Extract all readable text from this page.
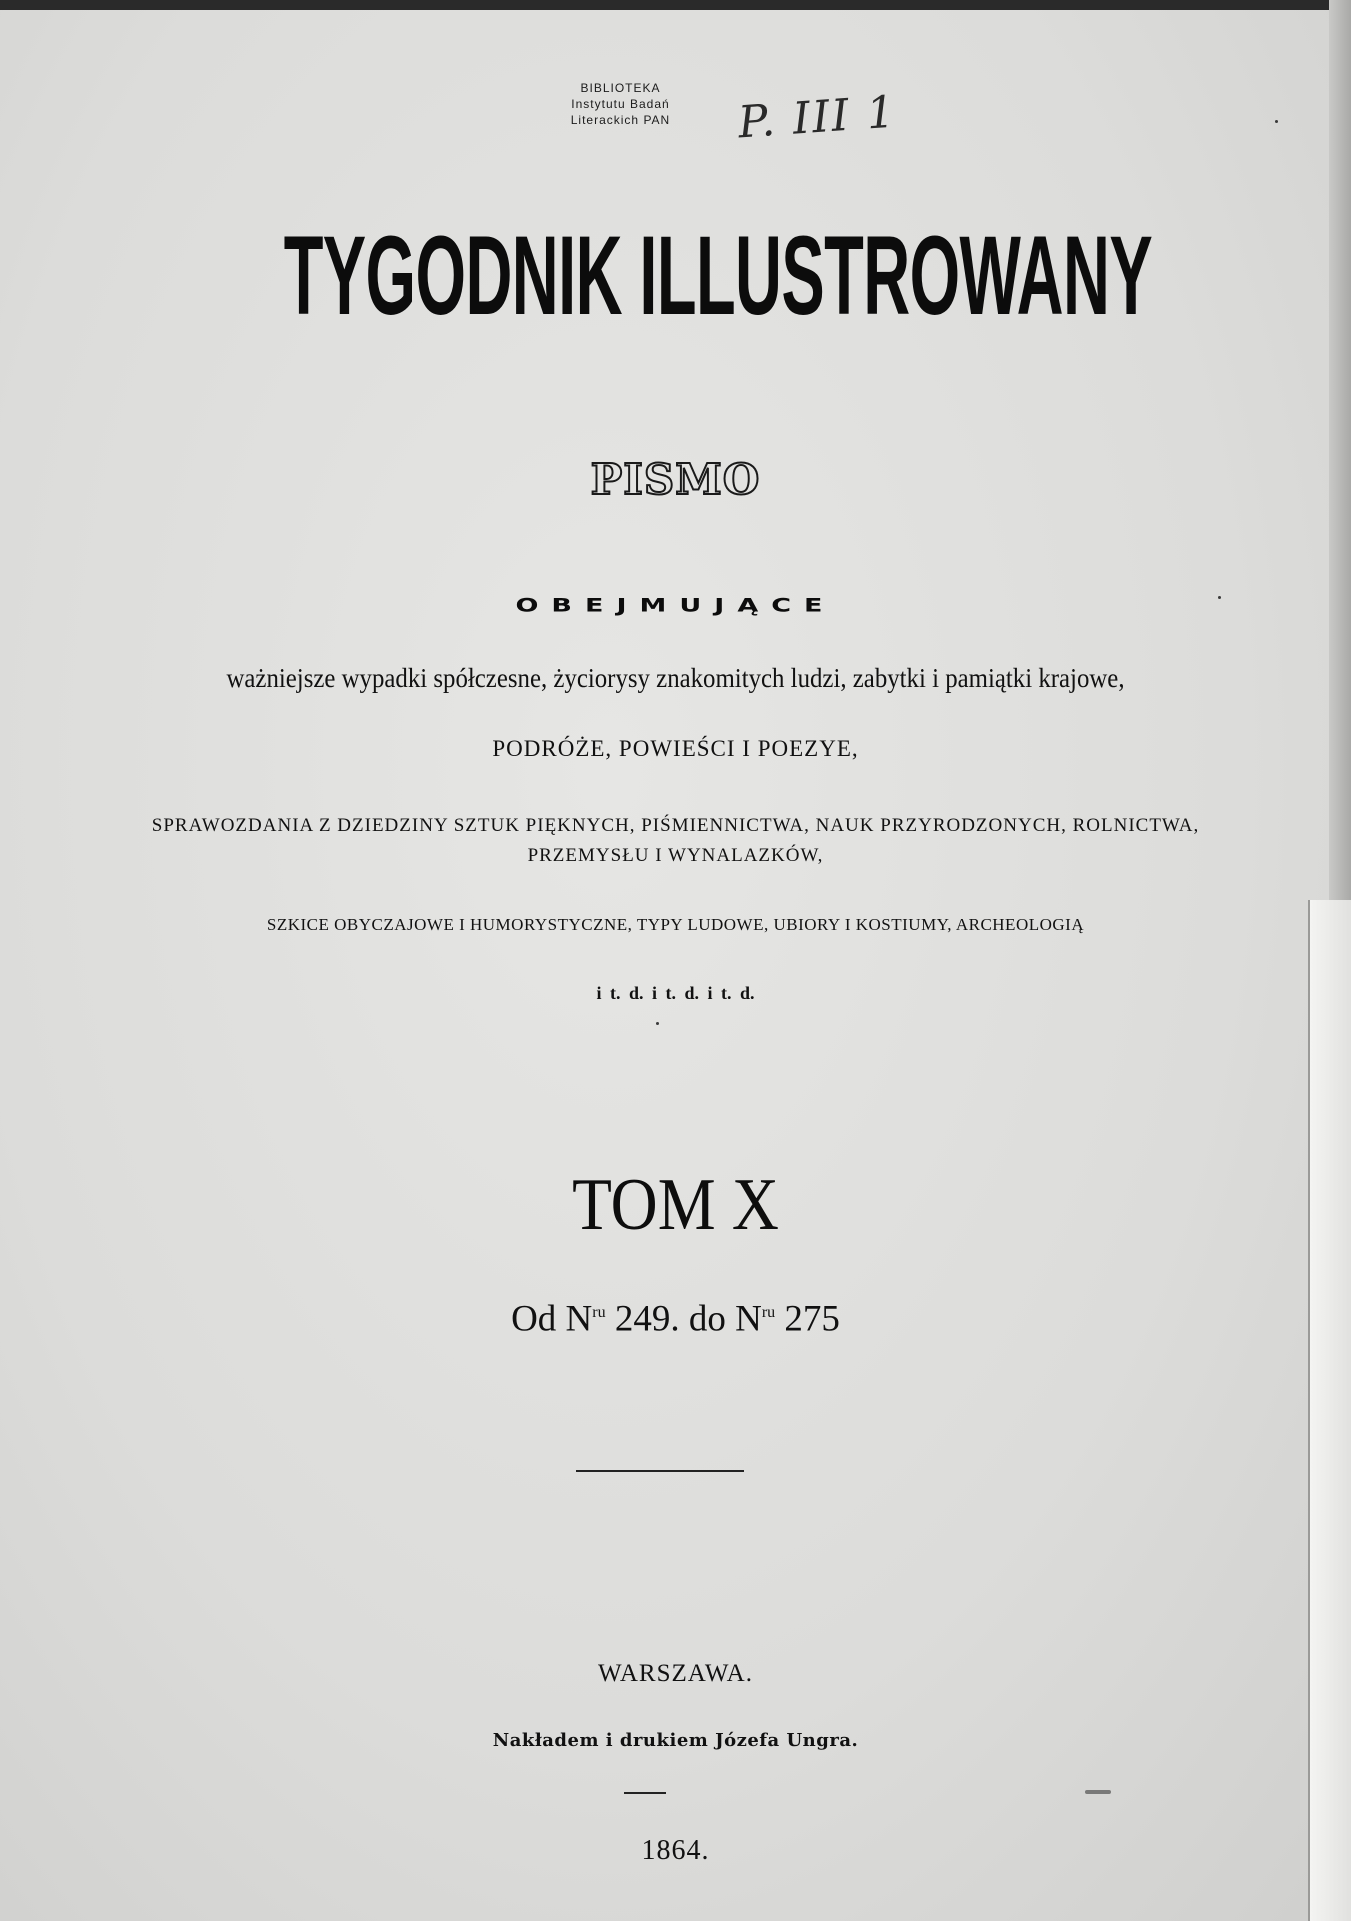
BIBLIOTEKA
Instytutu Badań
Literackich PAN	P. III 1
TYGODNIK ILLUSTROWANY
PISMO
OBEJMUJĄCE
ważniejsze wypadki spółczesne, życiorysy znakomitych ludzi, zabytki i pamiątki krajowe,
PODRÓŻE, POWIEŚCI I POEZYE,
SPRAWOZDANIA Z DZIEDZINY SZTUK PIĘKNYCH, PIŚMIENNICTWA, NAUK PRZYRODZONYCH, ROLNICTWA,
PRZEMYSŁU I WYNALAZKÓW,
SZKICE OBYCZAJOWE I HUMORYSTYCZNE, TYPY LUDOWE, UBIORY I KOSTIUMY, ARCHEOLOGIĄ
i t. d. i t. d. i t. d.
TOM X
Od $N^{ru}$ 249. do $N^{ru}$ 275
WARSZAWA.
Nakładem i drukiem Józefa Ungra.
1864.
